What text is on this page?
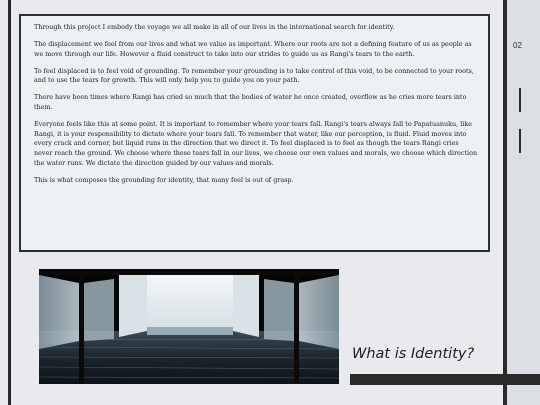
02

Through this project I embody the voyage we all make in all of our lives in the international search for identity.

The displacement we feel from our lives and what we value as important. Where our roots are not a defining feature of us as people as we move through our life. However a fluid construct to take into our strides to guide us as Rangi's tears to the earth.

To feel displaced is to feel void of grounding. To remember your grounding is to take control of this void, to be connected to your roots, and to use the tears for growth. This will only help you to guide you on your path.

There have been times where Rangi has cried so much that the bodies of water he once created, overflow as he cries more tears into them.

Everyone feels like this at some point. It is important to remember where your tears fall. Rangi's tears always fall to Papatuanuku, like Rangi, it is your responsibility to dictate where your tears fall. To remember that water, like our perception, is fluid. Fluid moves into every crack and corner, but liquid runs in the direction that we direct it. To feel displaced is to feel as though the tears Rangi cries never reach the ground. We choose where these tears fall in our lives, we choose our own values and morals, we choose which direction the water runs. We dictate the direction guided by our values and morals.

This is what composes the grounding for identity, that many feel is out of grasp.

What is Identity?
